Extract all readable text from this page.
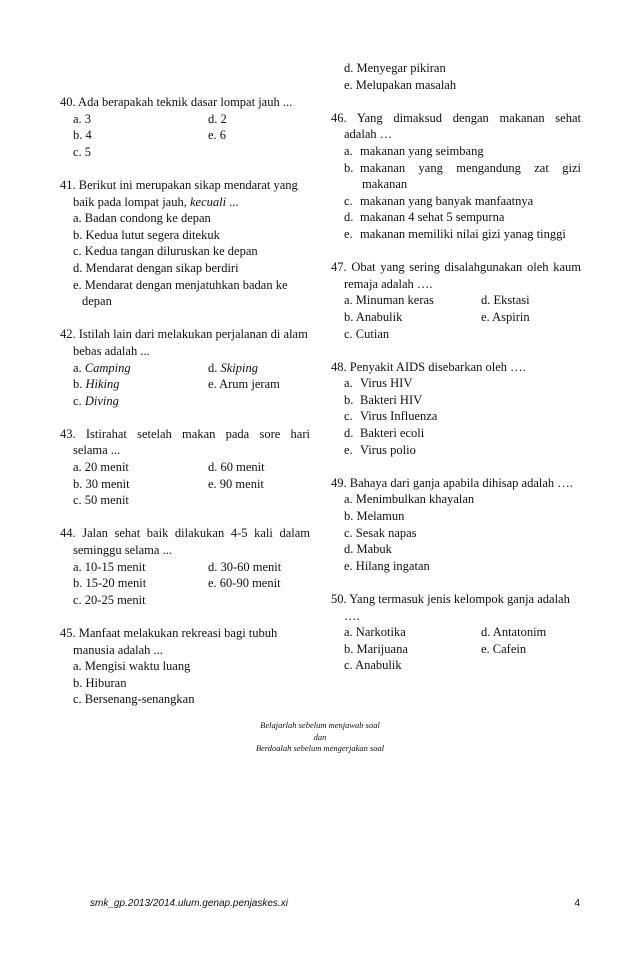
40. Ada berapakah teknik dasar lompat jauh ...
a. 3	d. 2
b. 4	e. 6
c. 5
41. Berikut ini merupakan sikap mendarat yang
baik pada lompat jauh, kecuali ...
a. Badan condong ke depan
b. Kedua lutut segera ditekuk
c. Kedua tangan diluruskan ke depan
d. Mendarat dengan sikap berdiri
e. Mendarat dengan menjatuhkan badan ke
depan
42. Istilah lain dari melakukan perjalanan di alam
bebas adalah ...
a. Camping	d. Skiping
b. Hiking	e. Arum jeram
c. Diving
43. Istirahat setelah makan pada sore hari
selama ...
a. 20 menit	d. 60 menit
b. 30 menit	e. 90 menit
c. 50 menit
44. Jalan sehat baik dilakukan 4-5 kali dalam
seminggu selama ...
a. 10-15 menit	d. 30-60 menit
b. 15-20 menit	e. 60-90 menit
c. 20-25 menit
45. Manfaat melakukan rekreasi bagi tubuh
manusia adalah ...
a. Mengisi waktu luang
b. Hiburan
c. Bersenang-senangkan
d. Menyegar pikiran
e. Melupakan masalah
46. Yang dimaksud dengan makanan sehat
adalah …
a. makanan yang seimbang
b. makanan yang mengandung zat gizi
makanan
c. makanan yang banyak manfaatnya
d. makanan 4 sehat 5 sempurna
e. makanan memiliki nilai gizi yanag tinggi
47. Obat yang sering disalahgunakan oleh kaum
remaja adalah ….
a. Minuman keras	d. Ekstasi
b. Anabulik	e. Aspirin
c. Cutian
48. Penyakit AIDS disebarkan oleh ….
a. Virus HIV
b. Bakteri HIV
c. Virus Influenza
d. Bakteri ecoli
e. Virus polio
49. Bahaya dari ganja apabila dihisap adalah ….
a. Menimbulkan khayalan
b. Melamun
c. Sesak napas
d. Mabuk
e. Hilang ingatan
50. Yang termasuk jenis kelompok ganja adalah
….
a. Narkotika	d. Antatonim
b. Marijuana	e. Cafein
c. Anabulik
Belajarlah sebelum menjawab soal
dan
Berdoalah sebelum mengerjakan soal
smk_gp.2013/2014.ulum.genap.penjaskes.xi	4
